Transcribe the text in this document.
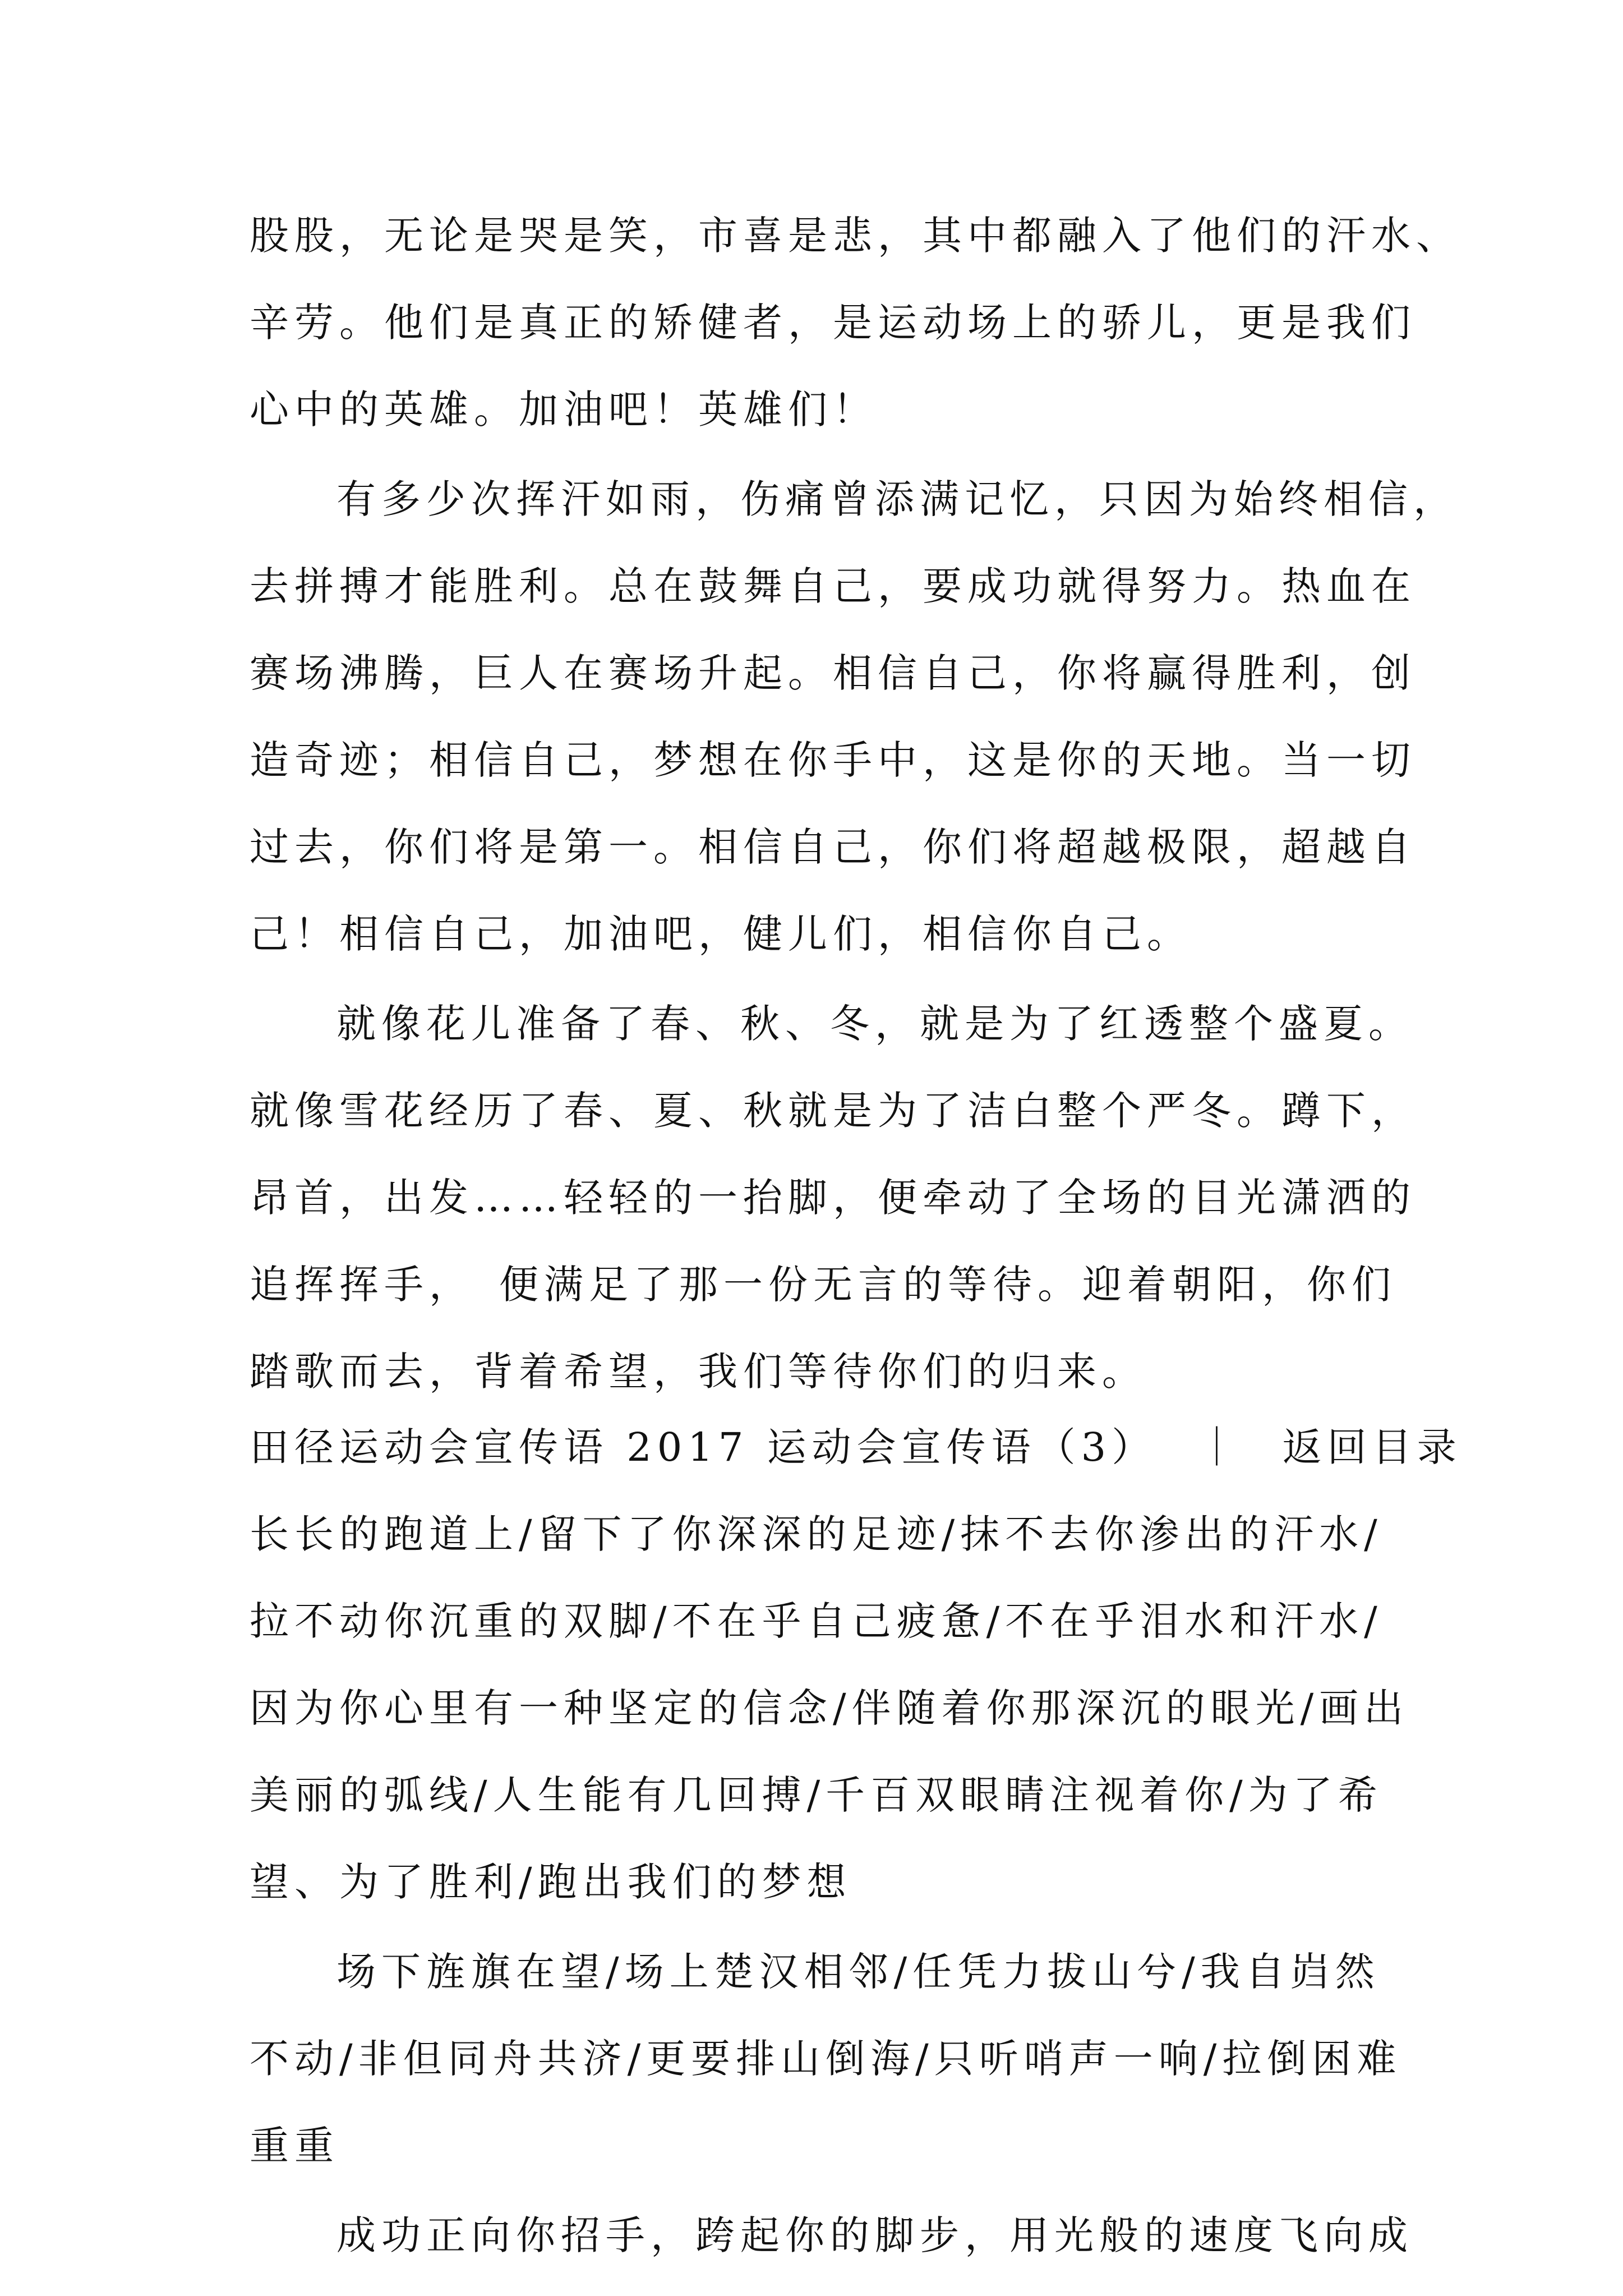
股股，无论是哭是笑，市喜是悲，其中都融入了他们的汗水、
辛劳。他们是真正的矫健者，是运动场上的骄儿，更是我们
心中的英雄。加油吧！英雄们！
有多少次挥汗如雨，伤痛曾添满记忆，只因为始终相信，
去拼搏才能胜利。总在鼓舞自己，要成功就得努力。热血在
赛场沸腾，巨人在赛场升起。相信自己，你将赢得胜利，创
造奇迹；相信自己，梦想在你手中，这是你的天地。当一切
过去，你们将是第一。相信自己，你们将超越极限，超越自
己！相信自己，加油吧，健儿们，相信你自己。
就像花儿准备了春、秋、冬，就是为了红透整个盛夏。
就像雪花经历了春、夏、秋就是为了洁白整个严冬。蹲下，
昂首，出发……轻轻的一抬脚，便牵动了全场的目光潇洒的
追挥挥手，　便满足了那一份无言的等待。迎着朝阳，你们
踏歌而去，背着希望，我们等待你们的归来。
田径运动会宣传语 2017 运动会宣传语（3） ｜ 返回目录
长长的跑道上/留下了你深深的足迹/抹不去你渗出的汗水/
拉不动你沉重的双脚/不在乎自己疲惫/不在乎泪水和汗水/
因为你心里有一种坚定的信念/伴随着你那深沉的眼光/画出
美丽的弧线/人生能有几回搏/千百双眼睛注视着你/为了希
望、为了胜利/跑出我们的梦想
场下旌旗在望/场上楚汉相邻/任凭力拔山兮/我自岿然
不动/非但同舟共济/更要排山倒海/只听哨声一响/拉倒困难
重重
成功正向你招手，跨起你的脚步，用光般的速度飞向成
